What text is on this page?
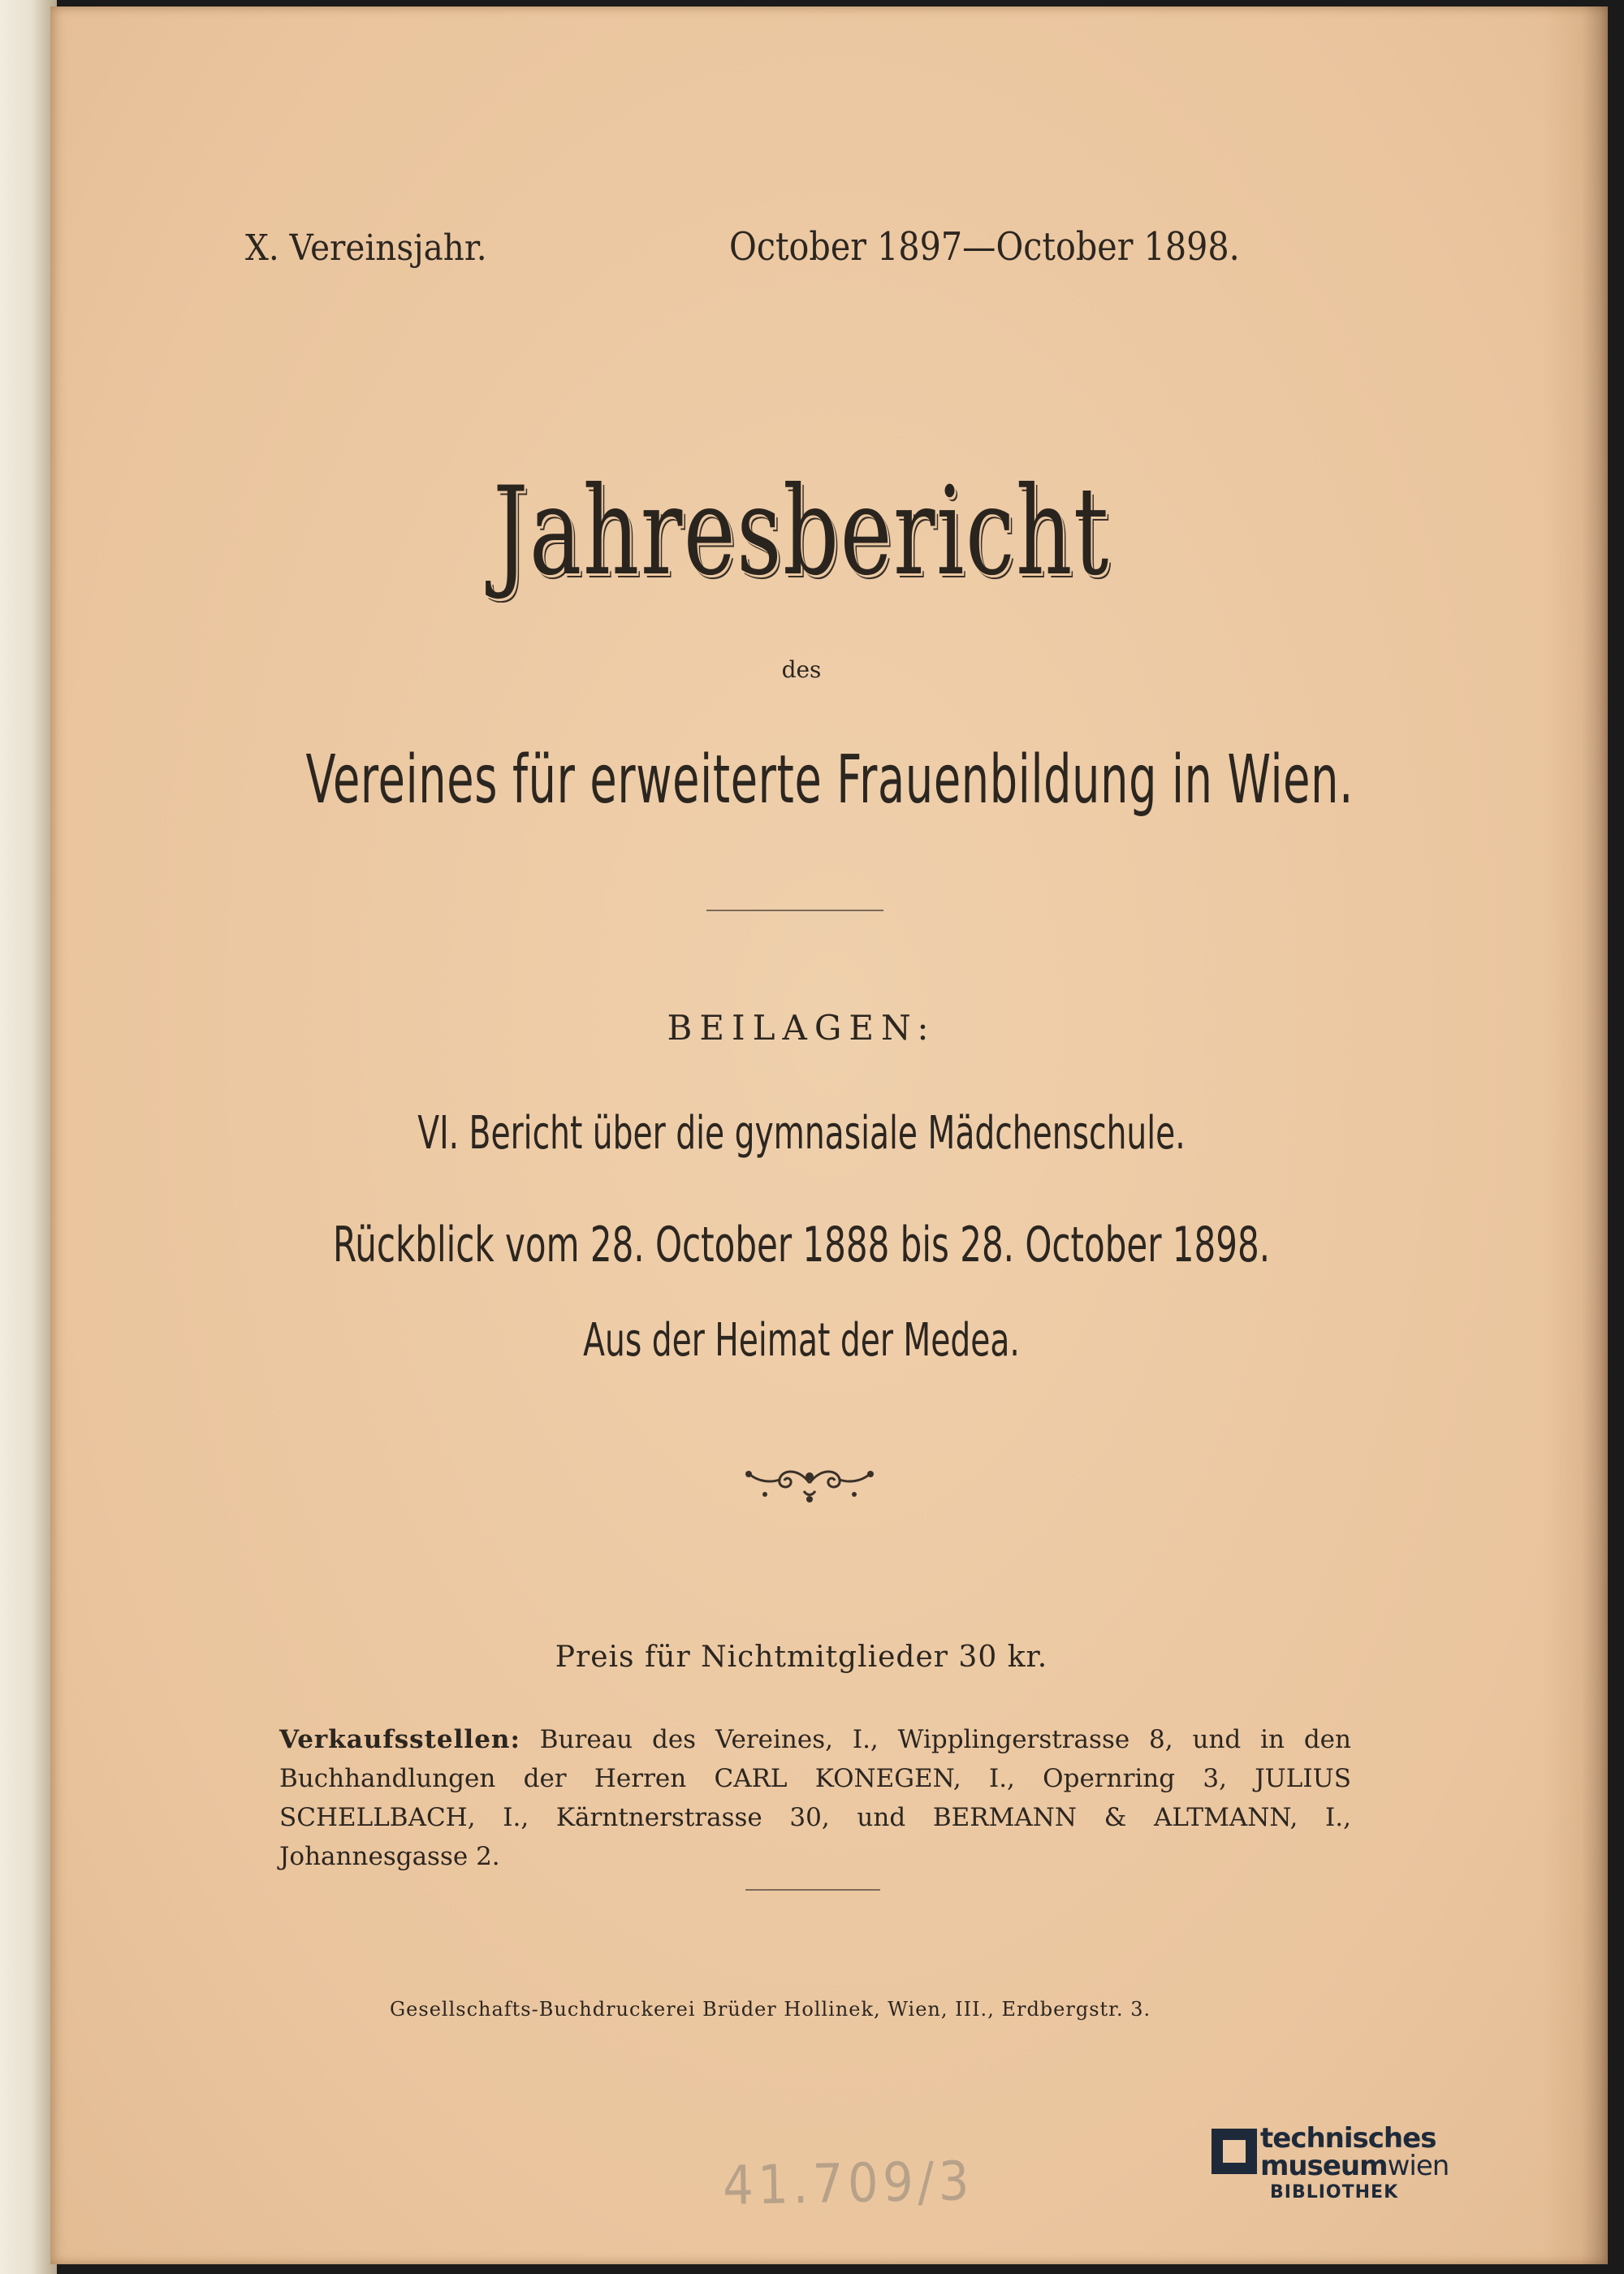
X. Vereinsjahr.	October 1897—October 1898.
Jahresbericht
des
Vereines für erweiterte Frauenbildung in Wien.
BEILAGEN:
VI. Bericht über die gymnasiale Mädchenschule.
Rückblick vom 28. October 1888 bis 28. October 1898.
Aus der Heimat der Medea.
Preis für Nichtmitglieder 30 kr.
Verkaufsstellen: Bureau des Vereines, I., Wipplingerstrasse 8, und in den Buchhandlungen der Herren CARL KONEGEN, I., Opernring 3, JULIUS SCHELLBACH, I., Kärntnerstrasse 30, und BERMANN & ALTMANN, I., Johannesgasse 2.
Gesellschafts-Buchdruckerei Brüder Hollinek, Wien, III., Erdbergstr. 3.
41.709/3
technisches
museumwien
BIBLIOTHEK
